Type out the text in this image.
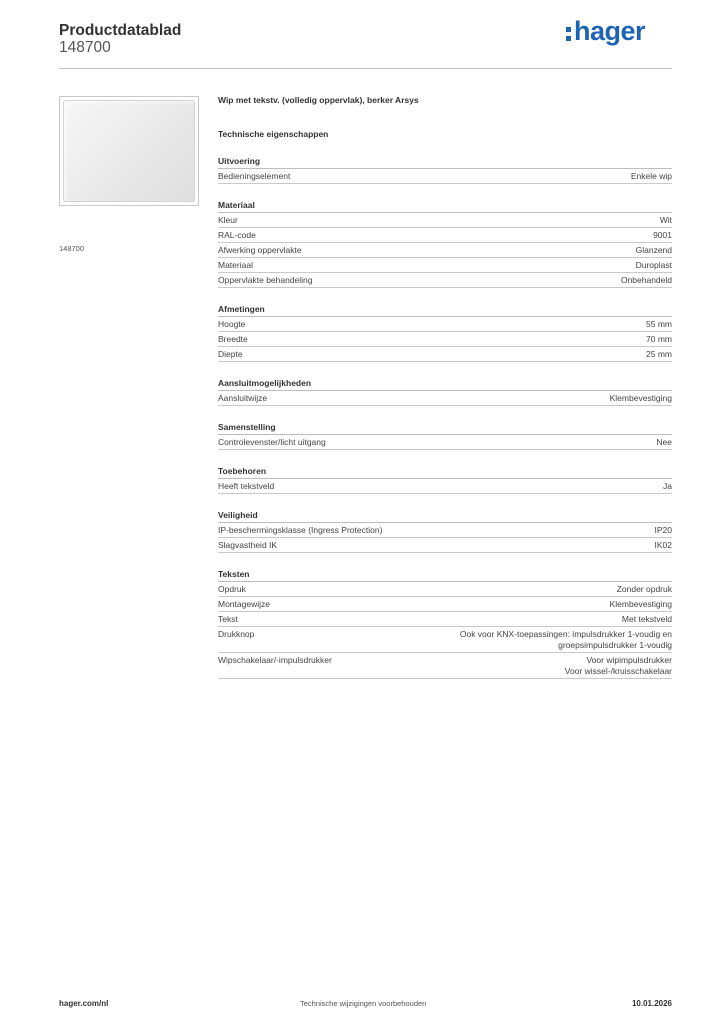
Productdatablad
148700
hager
148700
Wip met tekstv. (volledig oppervlak), berker Arsys
Technische eigenschappen
Uitvoering
Bedieningselement	Enkele wip
Materiaal
Kleur	Wit
RAL-code	9001
Afwerking oppervlakte	Glanzend
Materiaal	Duroplast
Oppervlakte behandeling	Onbehandeld
Afmetingen
Hoogte	55 mm
Breedte	70 mm
Diepte	25 mm
Aansluitmogelijkheden
Aansluitwijze	Klembevestiging
Samenstelling
Controlevenster/licht uitgang	Nee
Toebehoren
Heeft tekstveld	Ja
Veiligheid
IP-beschermingsklasse (Ingress Protection)	IP20
Slagvastheid IK	IK02
Teksten
Opdruk	Zonder opdruk
Montagewijze	Klembevestiging
Tekst	Met tekstveld
Drukknop	Ook voor KNX-toepassingen: impulsdrukker 1-voudig en
groepsimpulsdrukker 1-voudig
Wipschakelaar/-impulsdrukker	Voor wipimpulsdrukker
Voor wissel-/kruisschakelaar
hager.com/nl	Technische wijzigingen voorbehouden	10.01.2026
